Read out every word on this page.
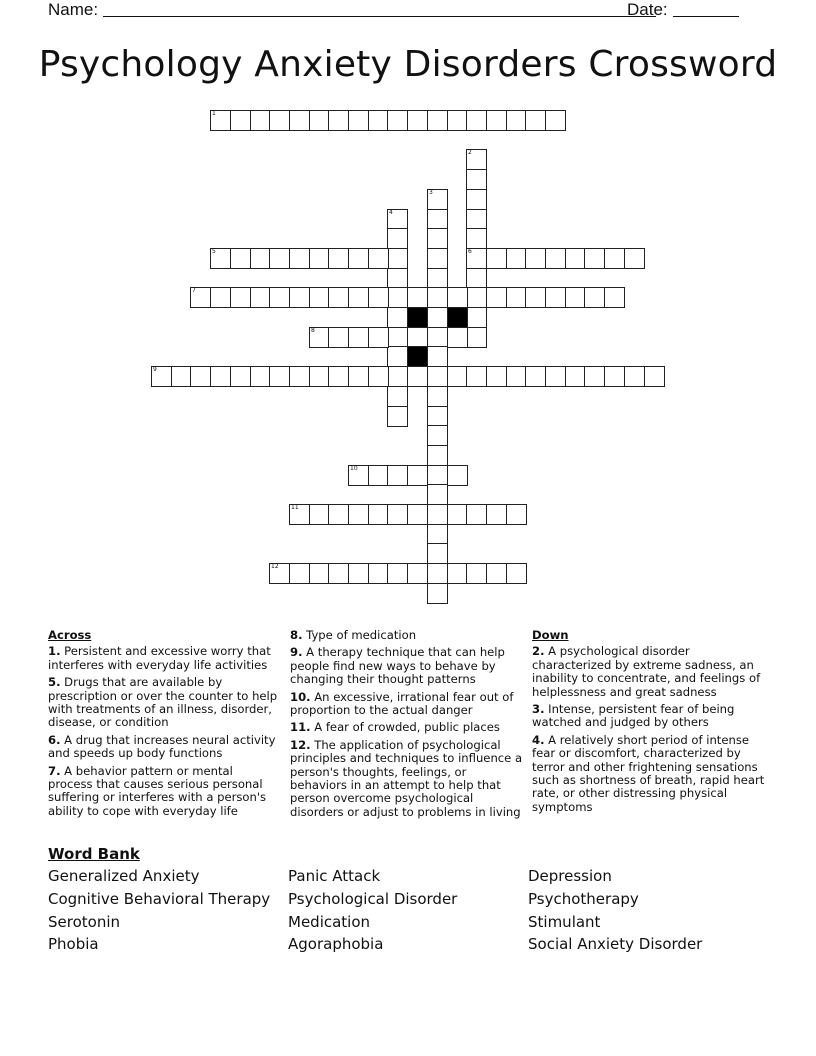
Name:	Date:
Psychology Anxiety Disorders Crossword
1
2
6
3
4
5
7
8
9
10
11
12
Across
1. Persistent and excessive worry that interferes with everyday life activities
5. Drugs that are available by prescription or over the counter to help with treatments of an illness, disorder, disease, or condition
6. A drug that increases neural activity and speeds up body functions
7. A behavior pattern or mental process that causes serious personal suffering or interferes with a person's ability to cope with everyday life
8. Type of medication
9. A therapy technique that can help people find new ways to behave by changing their thought patterns
10. An excessive, irrational fear out of proportion to the actual danger
11. A fear of crowded, public places
12. The application of psychological principles and techniques to influence a person's thoughts, feelings, or behaviors in an attempt to help that person overcome psychological disorders or adjust to problems in living
Down
2. A psychological disorder characterized by extreme sadness, an inability to concentrate, and feelings of helplessness and great sadness
3. Intense, persistent fear of being watched and judged by others
4. A relatively short period of intense fear or discomfort, characterized by terror and other frightening sensations such as shortness of breath, rapid heart rate, or other distressing physical symptoms
Word Bank
Generalized Anxiety	Panic Attack	Depression
Cognitive Behavioral Therapy	Psychological Disorder	Psychotherapy
Serotonin	Medication	Stimulant
Phobia	Agoraphobia	Social Anxiety Disorder
